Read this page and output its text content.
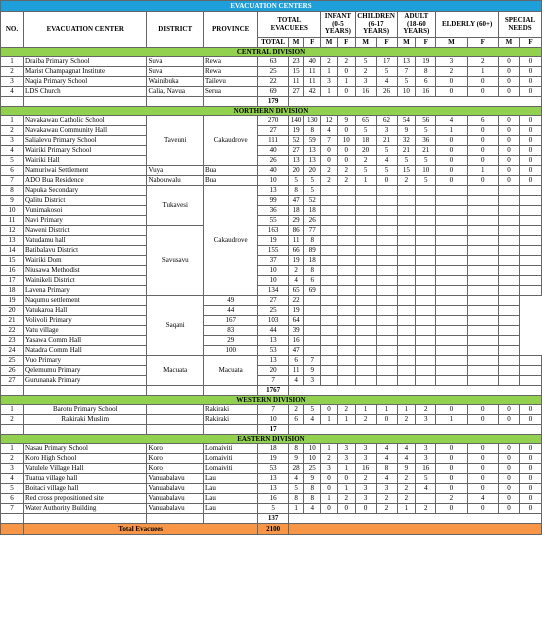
EVACUATION CENTERS																
NO.	EVACUATION CENTER	DISTRICT	PROVINCE	TOTAL EVACUEES			INFANT (0-5 YEARS)		CHILDREN (6-17 YEARS)		ADULT (18-60 YEARS)		ELDERLY (60+)		SPECIAL NEEDS	
				TOTAL	M	F	M	F	M	F	M	F	M	F	M	F
CENTRAL DIVISION																
1	Draiba Primary School	Suva	Rewa	63	23	40	2	2	5	17	13	19	3	2	0	0
2	Marist Champagnat Institute	Suva	Rewa	25	15	11	1	0	2	5	7	8	2	1	0	0
3	Naqia Primary School	Wainibuka	Tailevu	22	11	11	3	1	3	4	5	6	0	0	0	0
4	LDS Church	Calia, Navua	Serua	69	27	42	1	0	16	26	10	16	0	0	0	0
				179												
NORTHERN DIVISION																
1	Navakawau Catholic School	Taveuni	Cakaudrove	270	140	130	12	9	65	62	54	56	4	6	0	0
2	Navakawau Community Hall			27	19	8	4	0	5	3	9	5	1	0	0	0
3	Salialevu Primary School			111	52	59	7	10	18	21	32	36	0	0	0	0
4	Wairiki Primary School			40	27	13	0	0	20	5	21	21	0	0	0	0
5	Wairiki Hall			26	13	13	0	0	2	4	5	5	0	0	0	0
6	Namuriwai Settlement	Vuya	Bua	40	20	20	2	2	5	5	15	10	0	1	0	0
7	ADO Bua Residence	Nabouwalu	Bua	10	5	5	2	2	1	0	2	5	0	0	0	0
8	Napuka Secondary	Tukavesi	Cakaudrove	13	8	5										
9	Qalitu District			99	47	52										
10	Vunimakosoi			36	18	18										
11	Navi Primary			55	29	26										
12	Naweni District	Savusavu		163	86	77										
13	Vatudamu hall			19	11	8										
14	Batibalavu District			155	66	89										
15	Wairiki Dom			37	19	18										
16	Niusawa Methodist			10	2	8										
17	Wainikeli District			10	4	6										
18	Lavena Primary			134	65	69										
19	Naqumu settlement	Saqani	49	27	22											
20	Vatukaroa Hall		44	25	19											
21	Volivoli Primary		167	103	64											
22	Vatu village		83	44	39											
23	Yasawa Comm Hall		29	13	16											
24	Natadra Comm Hall		100	53	47											
25	Vuo Primary	Macuata	Macuata	13	6	7										
26	Qelemumu Primary			20	11	9										
27	Gurunanak Primary			7	4	3										
				1767												
WESTERN DIVISION																
1	Barotu Primary School		Rakiraki	7	2	5	0	2	1	1	1	2	0	0	0	0
2	Rakiraki Muslim		Rakiraki	10	6	4	1	1	2	0	2	3	1	0	0	0
				17												
EASTERN DIVISION																
1	Nasau Primary School	Koro	Lomaiviti	18	8	10	1	3	3	4	4	3	0	0	0	0
2	Koro High School	Koro	Lomaiviti	19	9	10	2	3	3	4	4	3	0	0	0	0
3	Vatulele Village Hall	Koro	Lomaiviti	53	28	25	3	1	16	8	9	16	0	0	0	0
4	Tuatua village hall	Vanuabalavu	Lau	13	4	9	0	0	2	4	2	5	0	0	0	0
5	Boitaci village hall	Vanuabalavu	Lau	13	5	8	0	1	3	3	2	4	0	0	0	0
6	Red cross prepositioned site	Vanuabalavu	Lau	16	8	8	1	2	3	2	2		2	4	0	0
7	Water Authority Building	Vanuabalavu	Lau	5	1	4	0	0	0	2	1	2	0	0	0	0
				137												
	Total Evacuees			2100												
